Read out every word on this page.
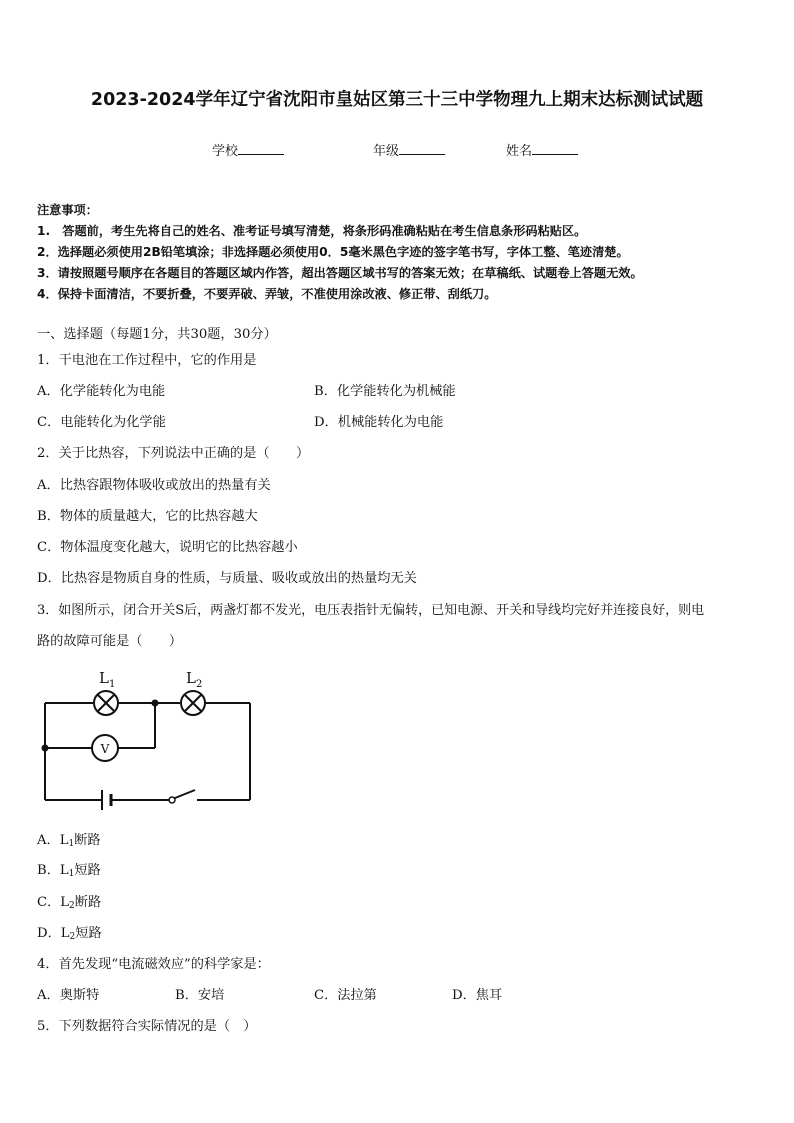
2023-2024学年辽宁省沈阳市皇姑区第三十三中学物理九上期末达标测试试题
学校	年级	姓名
注意事项：
1.　答题前，考生先将自己的姓名、准考证号填写清楚，将条形码准确粘贴在考生信息条形码粘贴区。
2．选择题必须使用2B铅笔填涂；非选择题必须使用0．5毫米黑色字迹的签字笔书写，字体工整、笔迹清楚。
3．请按照题号顺序在各题目的答题区域内作答，超出答题区域书写的答案无效；在草稿纸、试题卷上答题无效。
4．保持卡面清洁，不要折叠，不要弄破、弄皱，不准使用涂改液、修正带、刮纸刀。
一、选择题（每题1分，共30题，30分）
1．干电池在工作过程中，它的作用是
A．化学能转化为电能	B．化学能转化为机械能
C．电能转化为化学能	D．机械能转化为电能
2．关于比热容，下列说法中正确的是（　　）
A．比热容跟物体吸收或放出的热量有关
B．物体的质量越大，它的比热容越大
C．物体温度变化越大，说明它的比热容越小
D．比热容是物质自身的性质，与质量、吸收或放出的热量均无关
3．如图所示，闭合开关S后，两盏灯都不发光，电压表指针无偏转，已知电源、开关和导线均完好并连接良好，则电
路的故障可能是（　　）
V
$L_1$	$L_2$
A．$L_1$断路
B．$L_1$短路
C．$L_2$断路
D．$L_2$短路
4．首先发现“电流磁效应”的科学家是：
A．奥斯特	B．安培	C．法拉第	D．焦耳
5．下列数据符合实际情况的是（　）
